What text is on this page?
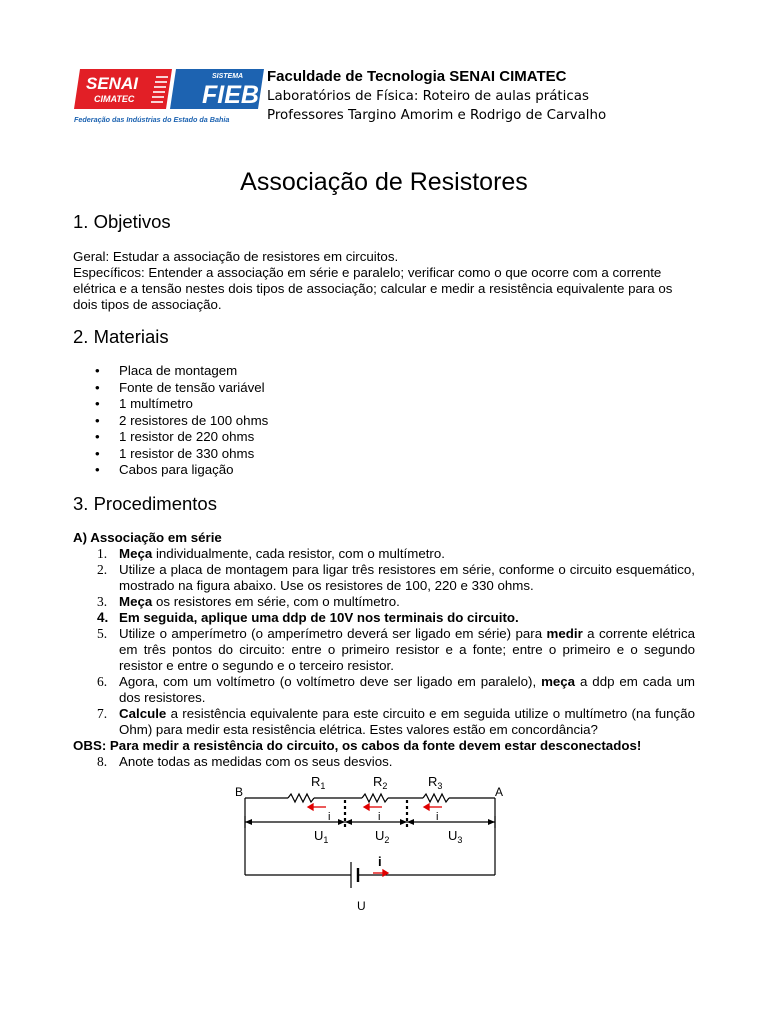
SENAI
CIMATEC
SISTEMA
FIEB
Federação das Indústrias do Estado da Bahia
Faculdade de Tecnologia SENAI CIMATEC
Laboratórios de Física: Roteiro de aulas práticas
Professores Targino Amorim e Rodrigo de Carvalho
Associação de Resistores
1. Objetivos
Geral: Estudar a associação de resistores em circuitos.
Específicos: Entender a associação em série e paralelo; verificar como o que ocorre com a corrente elétrica e a tensão nestes dois tipos de associação; calcular e medir a resistência equivalente para os dois tipos de associação.
2. Materiais
• Placa de montagem
• Fonte de tensão variável
• 1 multímetro
• 2 resistores de 100 ohms
• 1 resistor de 220 ohms
• 1 resistor de 330 ohms
• Cabos para ligação
3. Procedimentos
A) Associação em série
1. Meça individualmente, cada resistor, com o multímetro.
2. Utilize a placa de montagem para ligar três resistores em série, conforme o circuito esquemático, mostrado na figura abaixo. Use os resistores de 100, 220 e 330 ohms.
3. Meça os resistores em série, com o multímetro.
4. Em seguida, aplique uma ddp de 10V nos terminais do circuito.
5. Utilize o amperímetro (o amperímetro deverá ser ligado em série) para medir a corrente elétrica em três pontos do circuito: entre o primeiro resistor e a fonte; entre o primeiro e o segundo resistor e entre o segundo e o terceiro resistor.
6. Agora, com um voltímetro (o voltímetro deve ser ligado em paralelo), meça a ddp em cada um dos resistores.
7. Calcule a resistência equivalente para este circuito e em seguida utilize o multímetro (na função Ohm) para medir esta resistência elétrica. Estes valores estão em concordância?
OBS: Para medir a resistência do circuito, os cabos da fonte devem estar desconectados!
8. Anote todas as medidas com os seus desvios.
B	A
$R_1$	$R_2$	$R_3$
i	i	i
$U_1$	$U_2$	$U_3$
i
U
